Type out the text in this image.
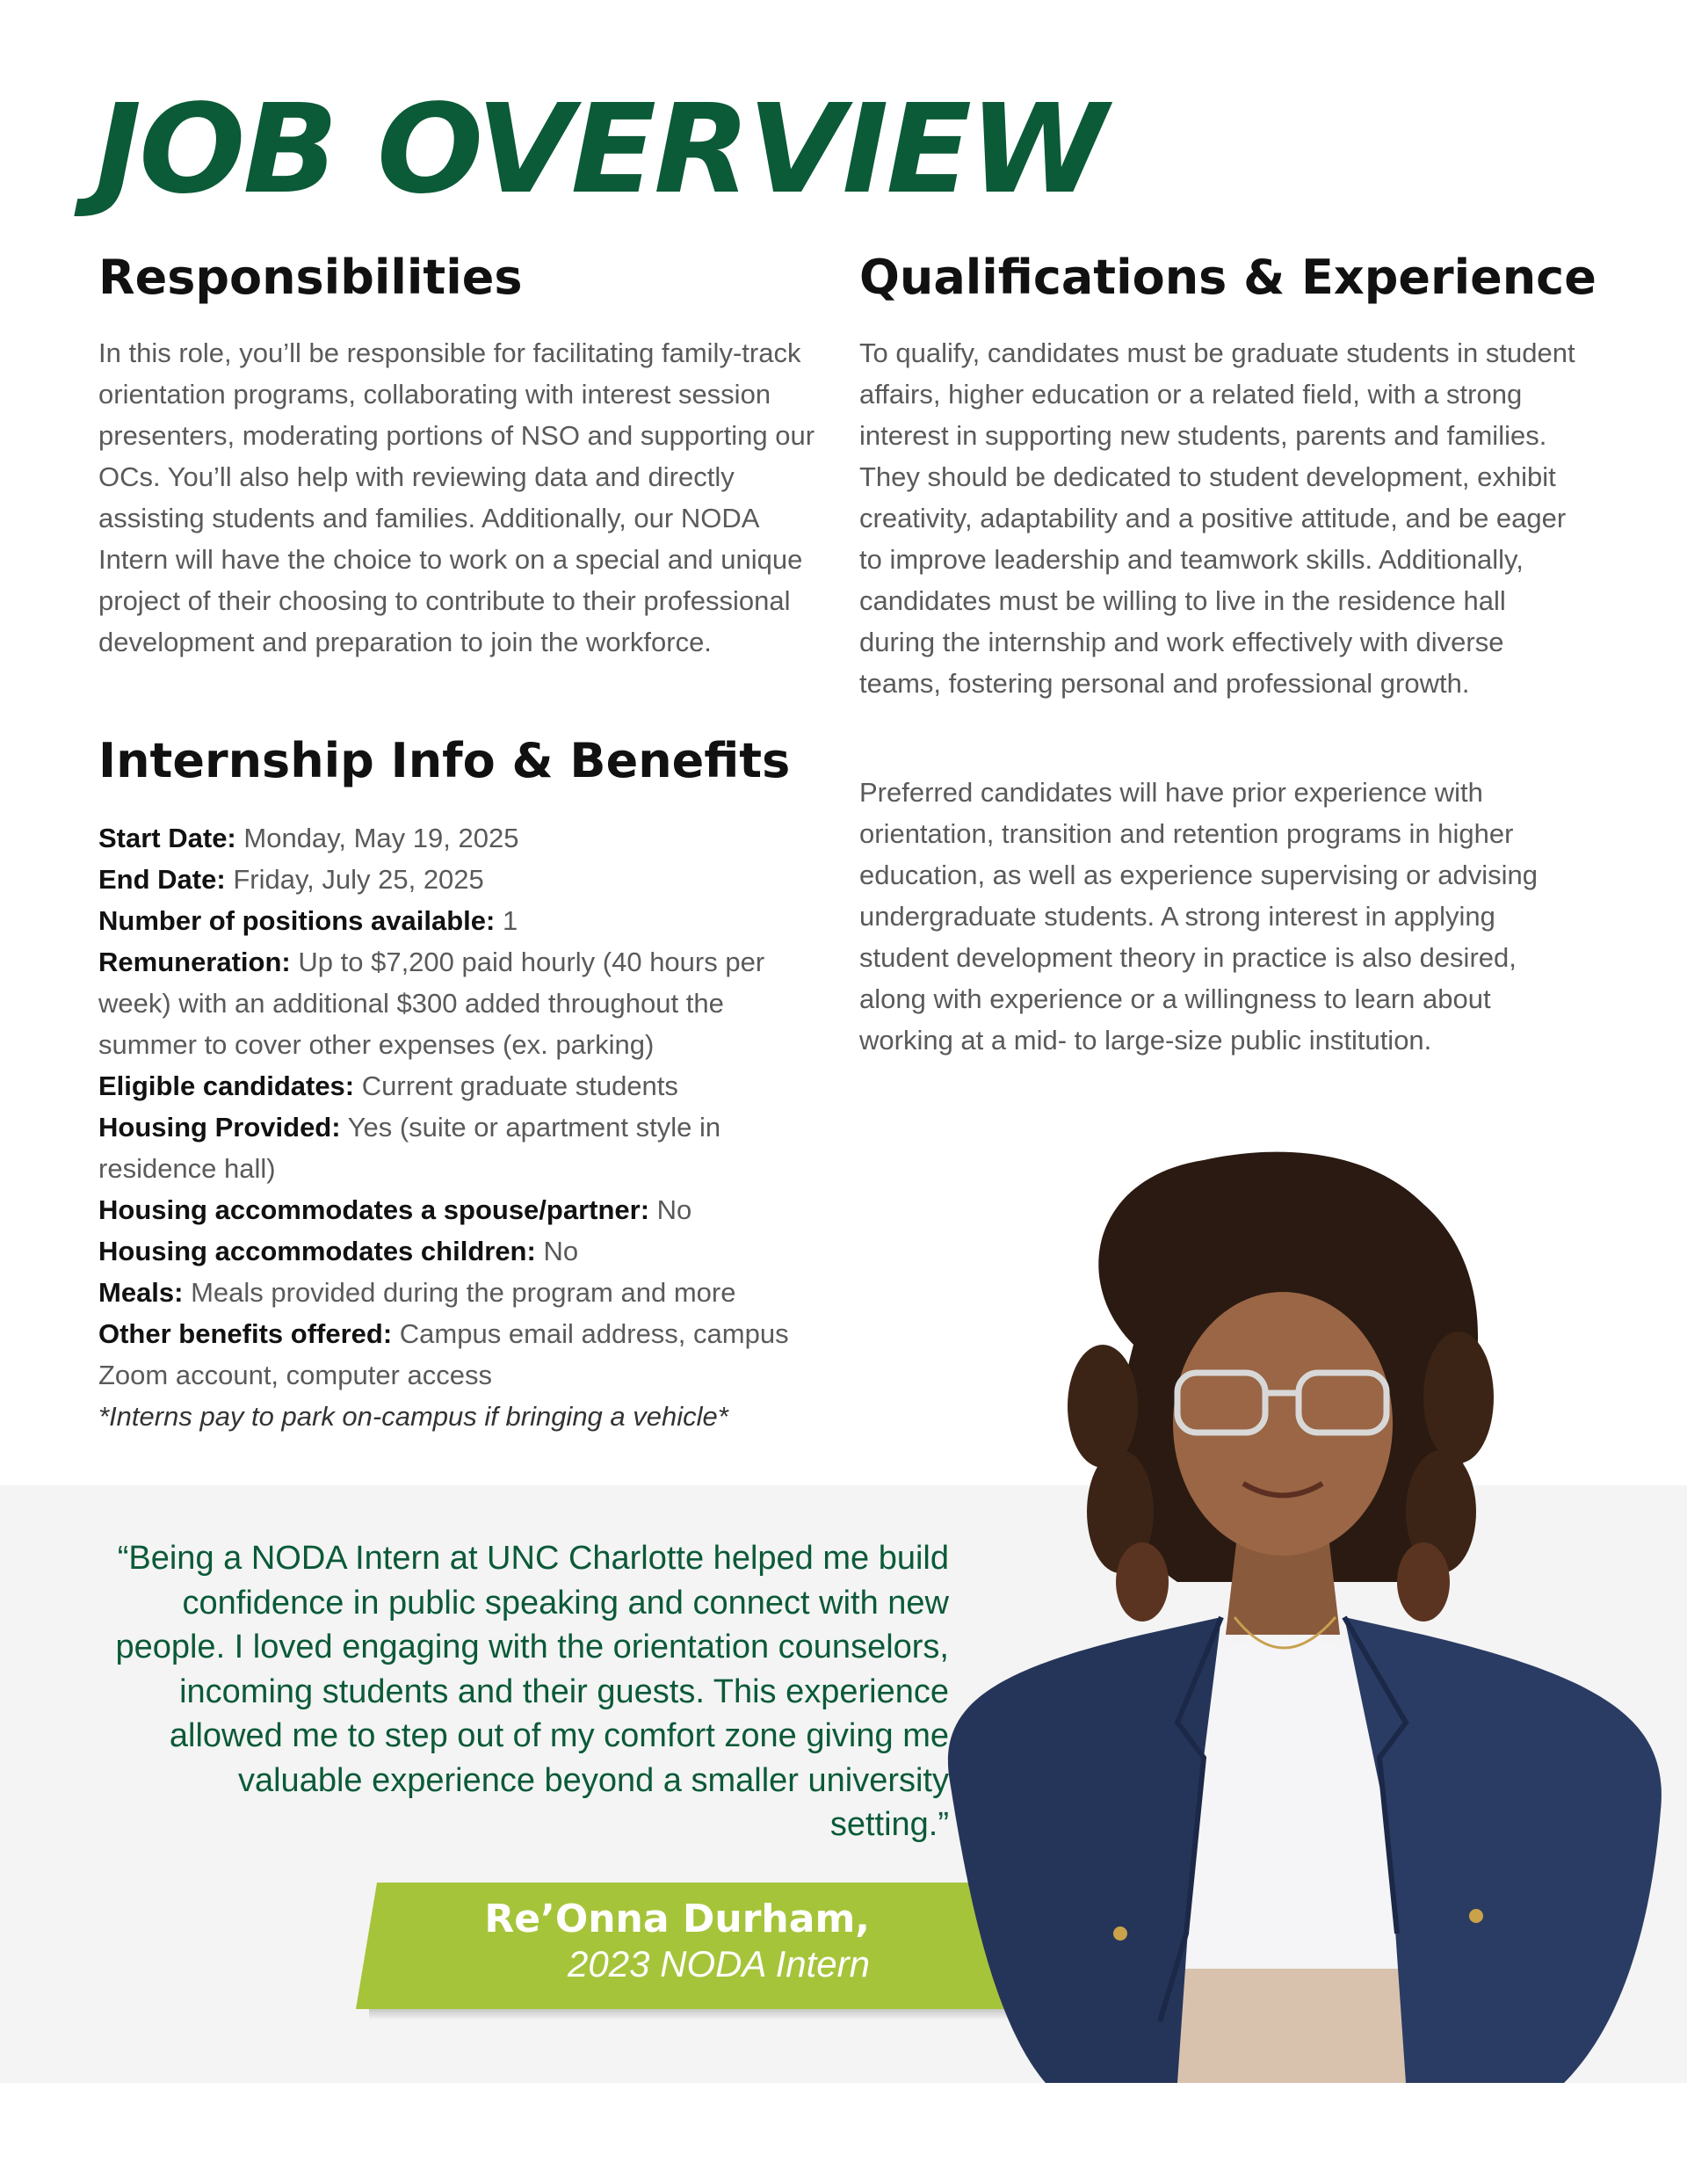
JOB OVERVIEW
Responsibilities

In this role, you’ll be responsible for facilitating family-track orientation programs, collaborating with interest session presenters, moderating portions of NSO and supporting our OCs. You’ll also help with reviewing data and directly assisting students and families. Additionally, our NODA Intern will have the choice to work on a special and unique project of their choosing to contribute to their professional development and preparation to join the workforce.

Qualifications & Experience

To qualify, candidates must be graduate students in student affairs, higher education or a related field, with a strong interest in supporting new students, parents and families. They should be dedicated to student development, exhibit creativity, adaptability and a positive attitude, and be eager to improve leadership and teamwork skills. Additionally, candidates must be willing to live in the residence hall during the internship and work effectively with diverse teams, fostering personal and professional growth.

Preferred candidates will have prior experience with orientation, transition and retention programs in higher education, as well as experience supervising or advising undergraduate students. A strong interest in applying student development theory in practice is also desired, along with experience or a willingness to learn about working at a mid- to large-size public institution.

Internship Info & Benefits
Start Date: Monday, May 19, 2025
End Date: Friday, July 25, 2025
Number of positions available: 1
Remuneration: Up to $7,200 paid hourly (40 hours per week) with an additional $300 added throughout the summer to cover other expenses (ex. parking)
Eligible candidates: Current graduate students
Housing Provided: Yes (suite or apartment style in residence hall)
Housing accommodates a spouse/partner: No
Housing accommodates children: No
Meals: Meals provided during the program and more
Other benefits offered: Campus email address, campus Zoom account, computer access
*Interns pay to park on-campus if bringing a vehicle*

“Being a NODA Intern at UNC Charlotte helped me build confidence in public speaking and connect with new people. I loved engaging with the orientation counselors, incoming students and their guests. This experience allowed me to step out of my comfort zone giving me valuable experience beyond a smaller university setting.”

Re’Onna Durham,
2023 NODA Intern
